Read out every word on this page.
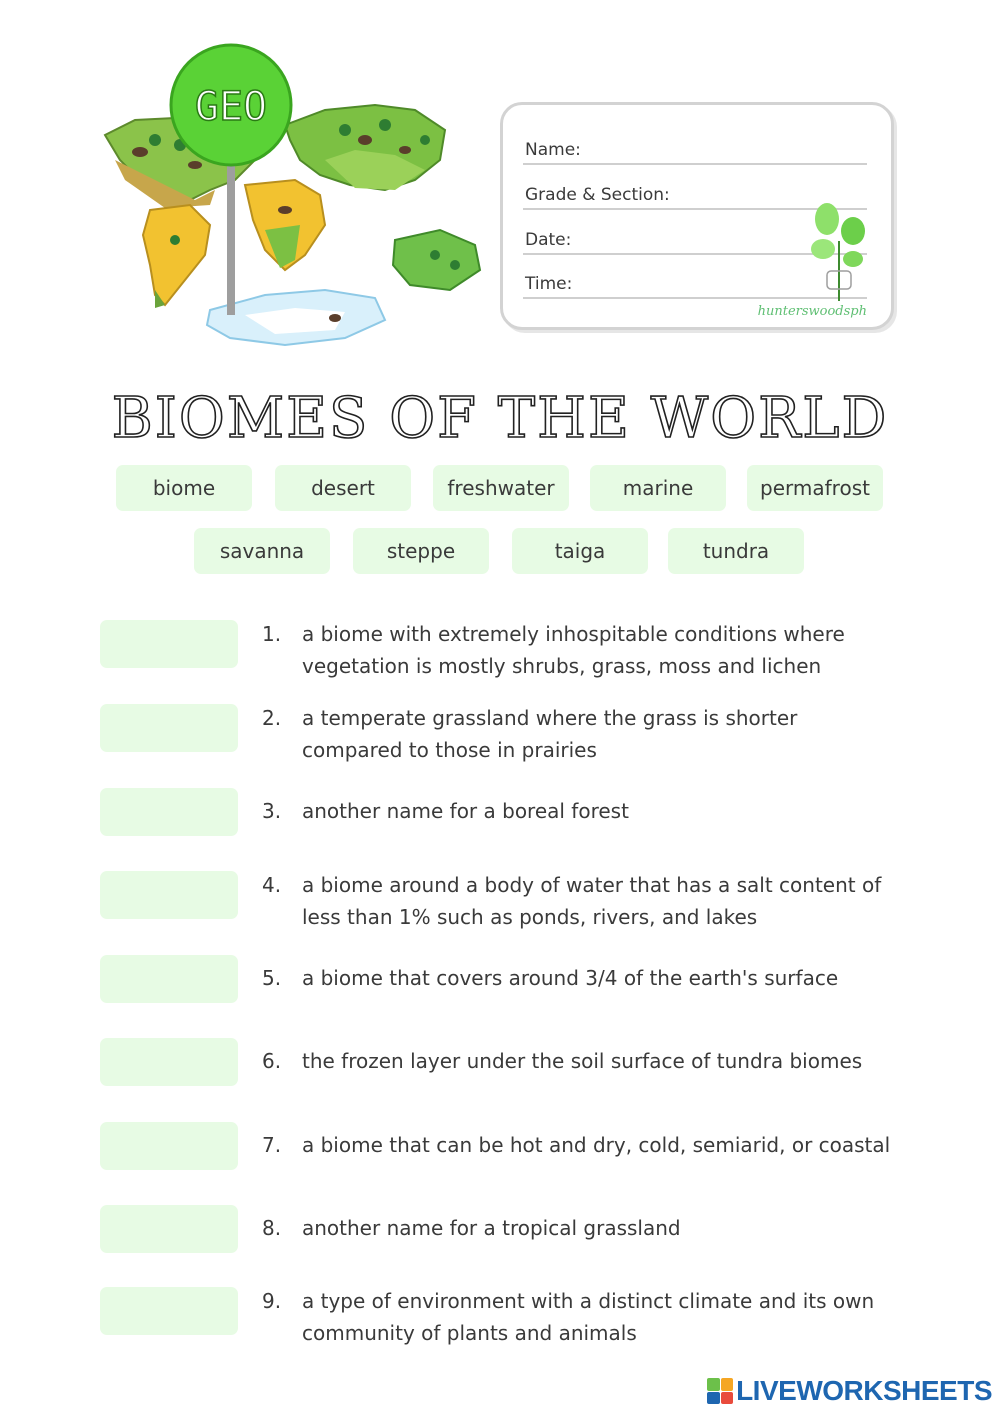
GEO
Name:
Grade & Section:
Date:
Time:
hunterswoodsph
BIOMES OF THE WORLD
biome	desert	freshwater	marine	permafrost
savanna	steppe	taiga	tundra
1.	a biome with extremely inhospitable conditions where vegetation is mostly shrubs, grass, moss and lichen
2.	a temperate grassland where the grass is shorter compared to those in prairies
3.	another name for a boreal forest
4.	a biome around a body of water that has a salt content of less than 1% such as ponds, rivers, and lakes
5.	a biome that covers around 3/4 of the earth's surface
6.	the frozen layer under the soil surface of tundra biomes
7.	a biome that can be hot and dry, cold, semiarid, or coastal
8.	another name for a tropical grassland
9.	a type of environment with a distinct climate and its own community of plants and animals
LIVEWORKSHEETS
